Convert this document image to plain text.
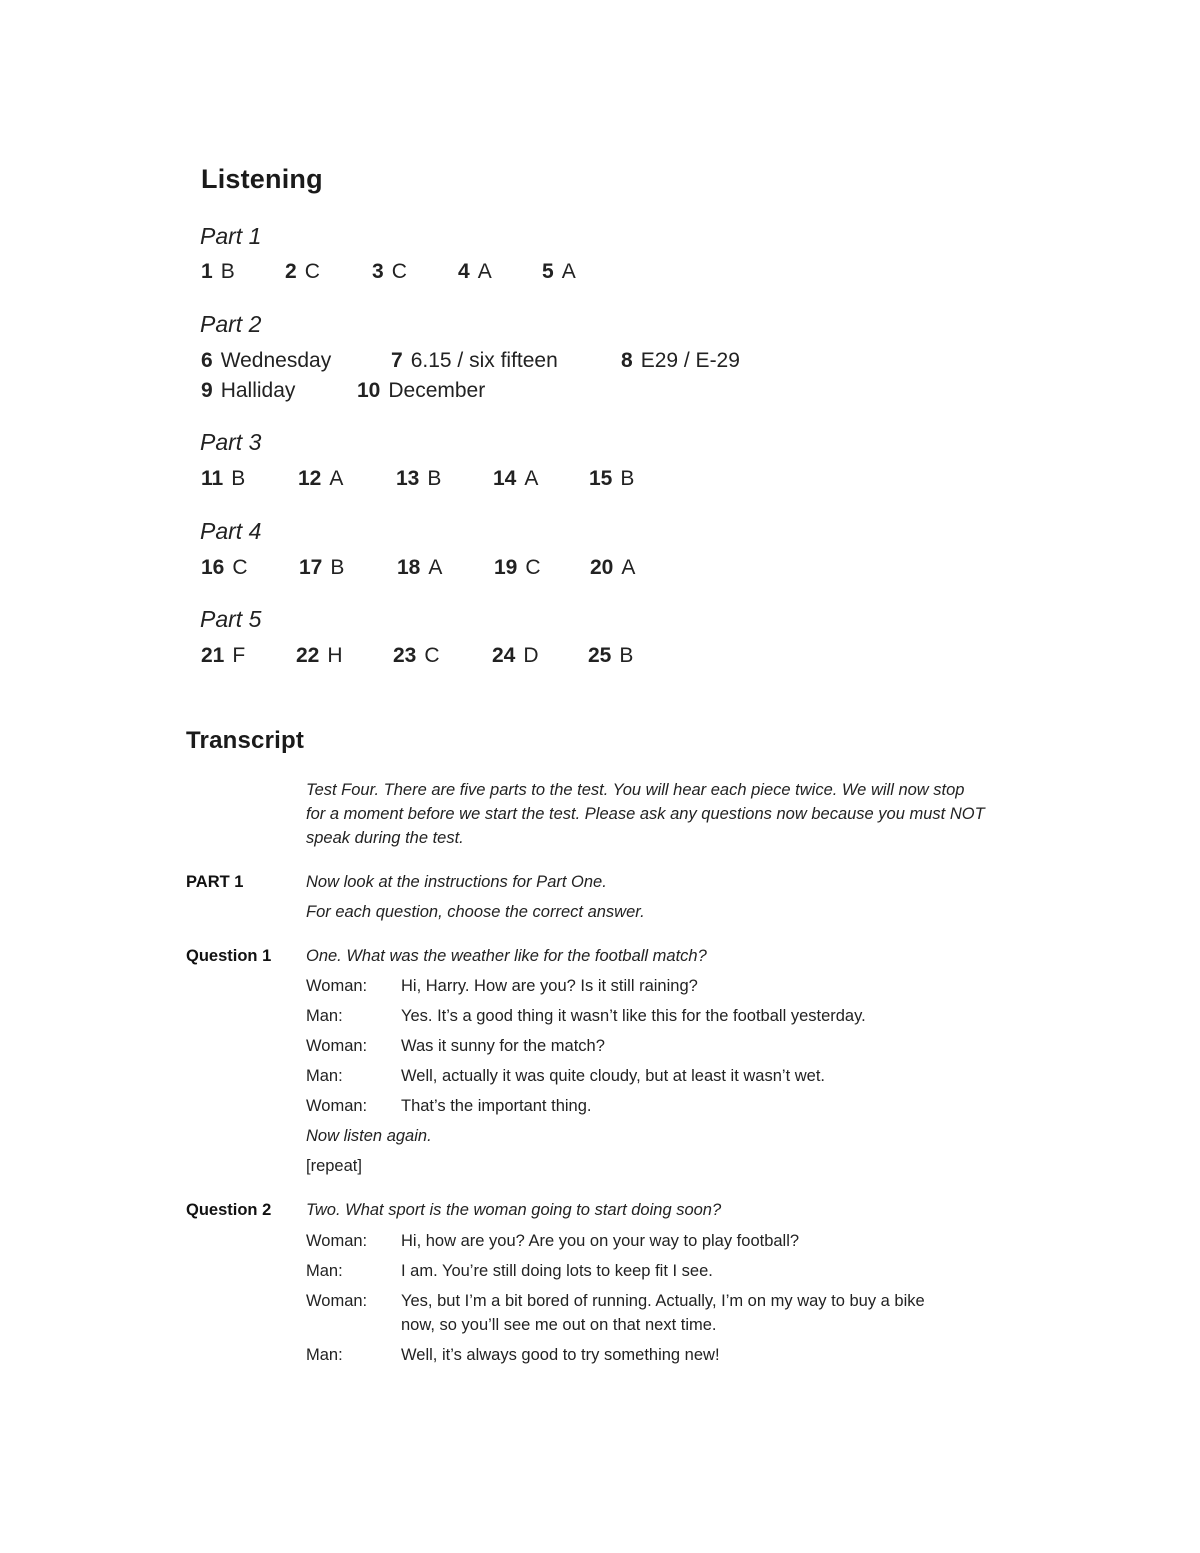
Listening
Part 1
1 B 2 C 3 C 4 A 5 A
Part 2
6 Wednesday	7 6.15 / six fifteen	8 E29 / E-29
9 Halliday	10 December
Part 3
11 B	12 A	13 B 14 A 15 B
Part 4
16 C 17 B	18 A 19 C 20 A
Part 5
21 F 22 H 23 C 24 D 25 B
Transcript
Test Four. There are five parts to the test. You will hear each piece twice. We will now stop for a moment before we start the test. Please ask any questions now because you must NOT speak during the test.
PART 1	Now look at the instructions for Part One.
For each question, choose the correct answer.
Question 1 One. What was the weather like for the football match?
Woman: Hi, Harry. How are you? Is it still raining?
Man:	Yes. It’s a good thing it wasn’t like this for the football yesterday.
Woman: Was it sunny for the match?
Man:	Well, actually it was quite cloudy, but at least it wasn’t wet.
Woman: That’s the important thing.
Now listen again.
[repeat]
Question 2 Two. What sport is the woman going to start doing soon?
Woman: Hi, how are you? Are you on your way to play football?
Man:	I am. You’re still doing lots to keep fit I see.
Woman: Yes, but I’m a bit bored of running. Actually, I’m on my way to buy a bike now, so you’ll see me out on that next time.
Man:	Well, it’s always good to try something new!
